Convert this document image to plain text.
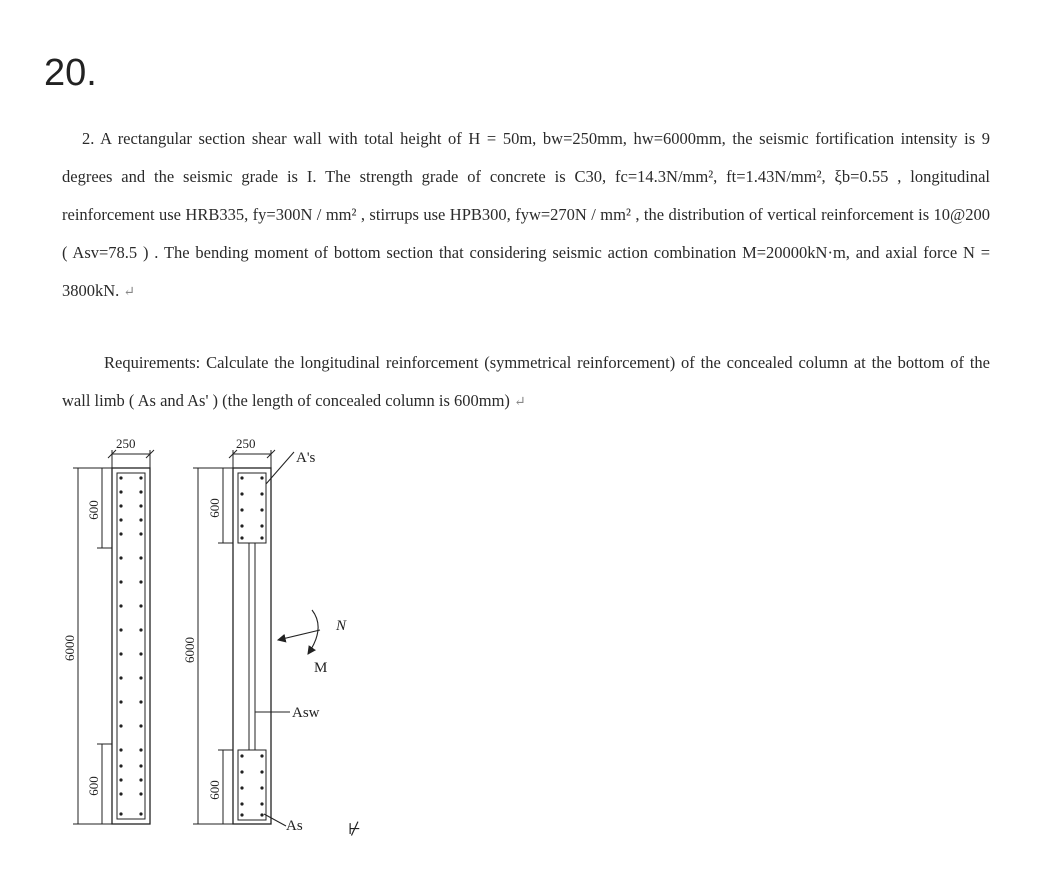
20.
2. A rectangular section shear wall with total height of H = 50m, bw=250mm, hw=6000mm, the seismic fortification intensity is 9 degrees and the seismic grade is I. The strength grade of concrete is C30, fc=14.3N/mm², ft=1.43N/mm², ξb=0.55 , longitudinal reinforcement use HRB335, fy=300N / mm² , stirrups use HPB300, fyw=270N / mm² , the distribution of vertical reinforcement is 10@200 ( Asv=78.5 ) . The bending moment of bottom section that considering seismic action combination M=20000kN·m, and axial force N = 3800kN. ↵
Requirements: Calculate the longitudinal reinforcement (symmetrical reinforcement) of the concealed column at the bottom of the wall limb ( As and As' ) (the length of concealed column is 600mm) ↵
250
600
6000
600
250
600
6000
600
A's
N
M
Asw
As	⊬
